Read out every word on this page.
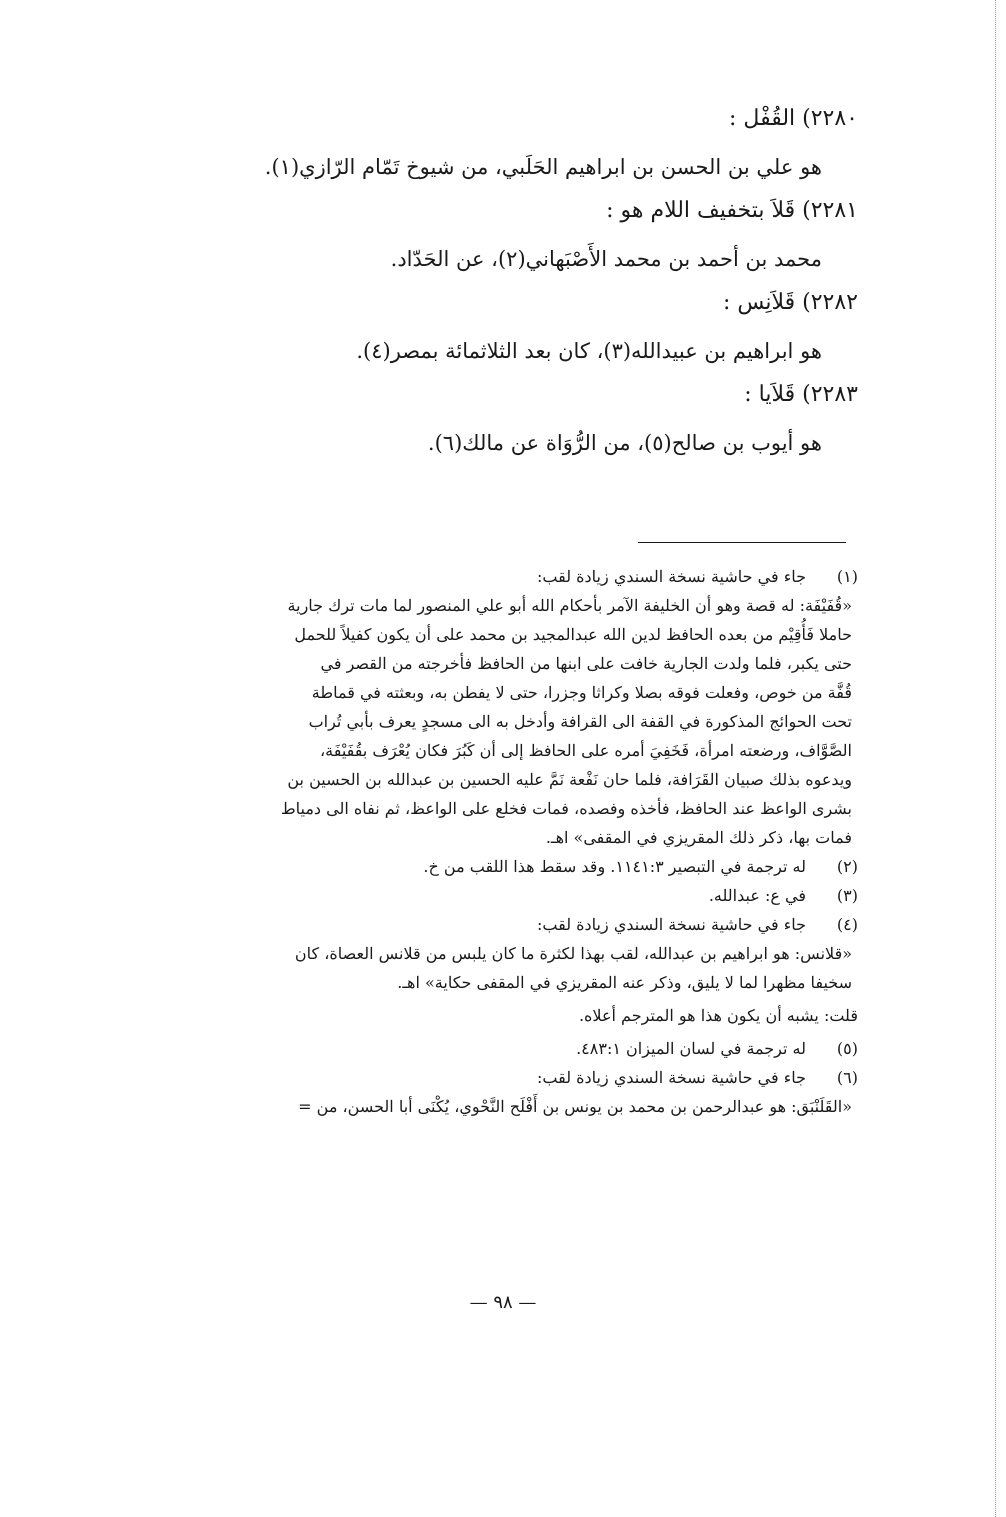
٢٢٨٠) القُفْل :

هو علي بن الحسن بن ابراهيم الحَلَبي، من شيوخ تَمّام الرّازي(١).

٢٢٨١) قَلاَ بتخفيف اللام هو :

محمد بن أحمد بن محمد الأَصْبَهاني(٢)، عن الحَدّاد.

٢٢٨٢) قَلاَنِس :

هو ابراهيم بن عبيدالله(٣)، كان بعد الثلاثمائة بمصر(٤).

٢٢٨٣) قَلاَيا :

هو أيوب بن صالح(٥)، من الرُّوَاة عن مالك(٦).

(١)

جاء في حاشية نسخة السندي زيادة لقب:

«قُفَيْفَة: له قصة وهو أن الخليفة الآمر بأحكام الله أبو علي المنصور لما مات ترك جارية

حاملا فَأُقِيْم من بعده الحافظ لدين الله عبدالمجيد بن محمد على أن يكون كفيلاً للحمل

حتى يكبر، فلما ولدت الجارية خافت على ابنها من الحافظ فأخرجته من القصر في

قُفَّة من خوص، وفعلت فوقه بصلا وكراثا وجزرا، حتى لا يفطن به، وبعثته في قماطة

تحت الحوائج المذكورة في القفة الى القرافة وأدخل به الى مسجدٍ يعرف بأبي تُراب

الصَّوَّاف، ورضعته امرأة، فَخَفِيَ أمره على الحافظ إلى أن كَبُرَ فكان يُعْرَف بقُفَيْفَة،

ويدعوه بذلك صبيان القَرَافة، فلما حان نَفْعة نَمَّ عليه الحسين بن عبدالله بن الحسين بن

بشرى الواعظ عند الحافظ، فأخذه وفصده، فمات فخلع على الواعظ، ثم نفاه الى دمياط

فمات بها، ذكر ذلك المقريزي في المقفى» اهـ.

(٢)

له ترجمة في التبصير ١١٤١:٣. وقد سقط هذا اللقب من خ.

(٣)

في ع: عبدالله.

(٤)

جاء في حاشية نسخة السندي زيادة لقب:

«قلانس: هو ابراهيم بن عبدالله، لقب بهذا لكثرة ما كان يلبس من قلانس العصاة، كان

سخيفا مظهرا لما لا يليق، وذكر عنه المقريزي في المقفى حكاية» اهـ.

قلت: يشبه أن يكون هذا هو المترجم أعلاه.

(٥)

له ترجمة في لسان الميزان ٤٨٣:١.

(٦)

جاء في حاشية نسخة السندي زيادة لقب:

«القَلَنْبَق: هو عبدالرحمن بن محمد بن يونس بن أَفْلَح النَّحْوي، يُكْنَى أبا الحسن، من =

— ٩٨ —
